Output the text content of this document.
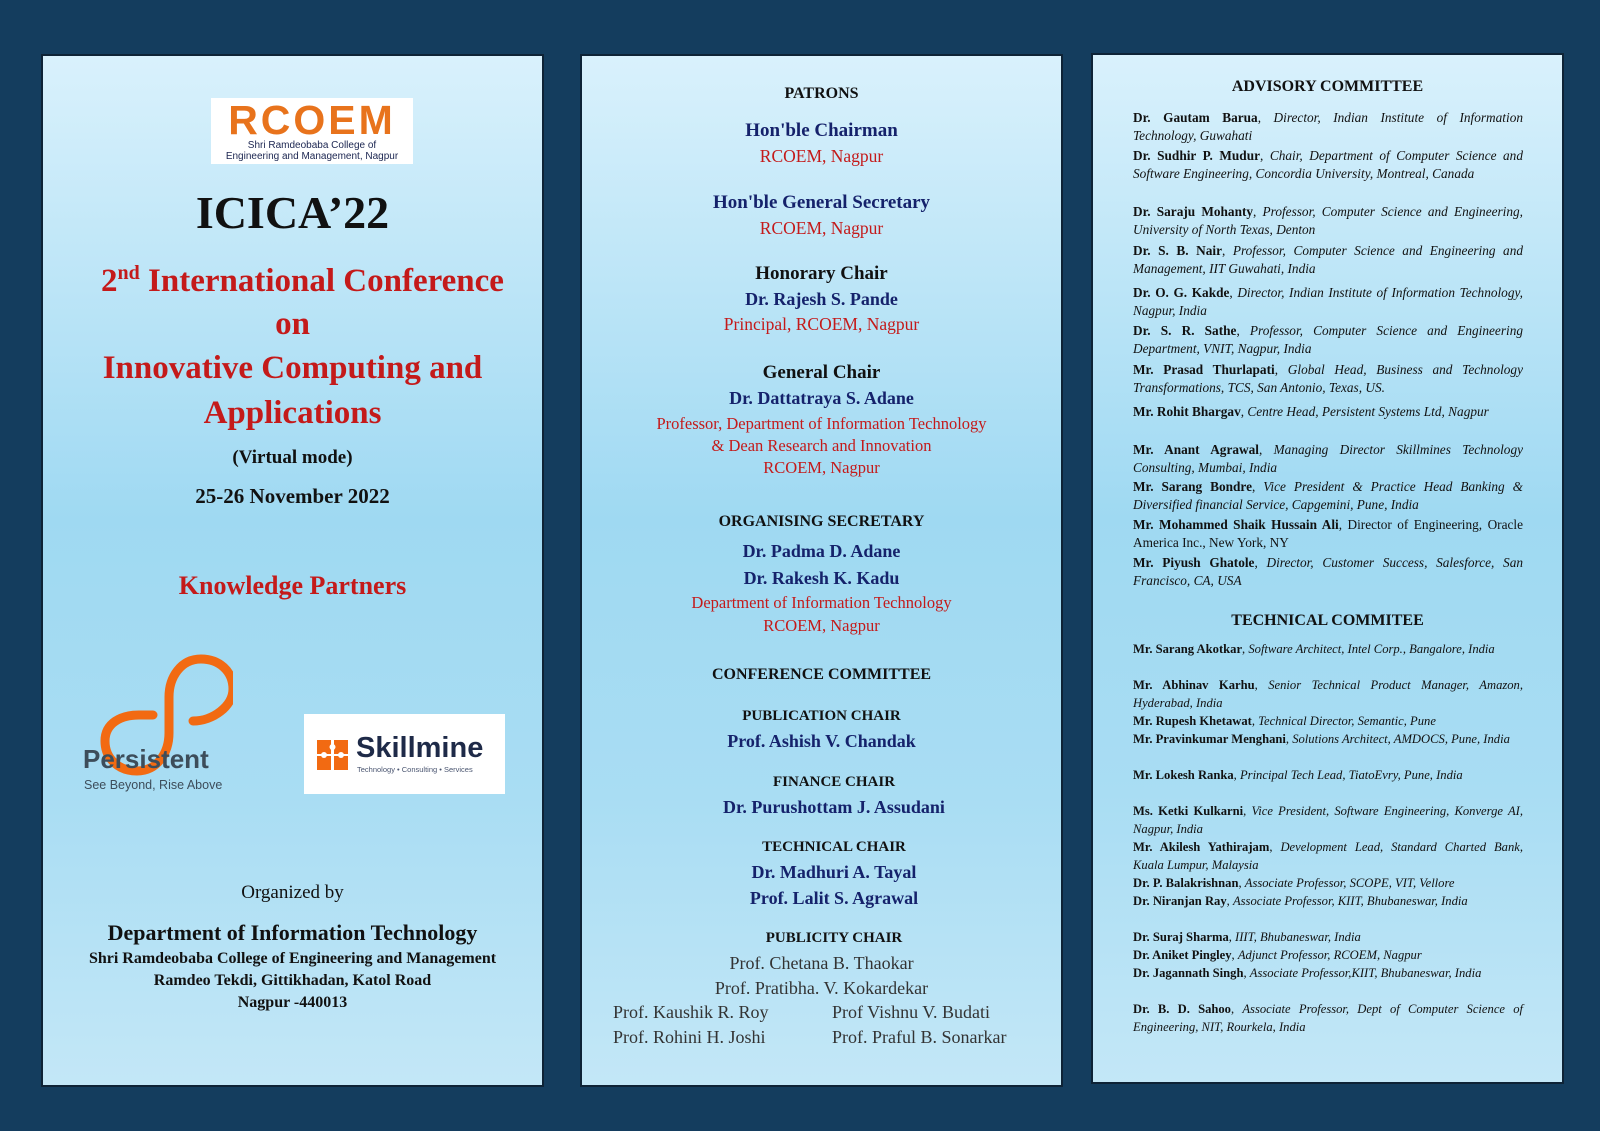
RCOEM
Shri Ramdeobaba College of
Engineering and Management, Nagpur
ICICA’22
2nd International Conference
on
Innovative Computing and
Applications
(Virtual mode)
25-26 November 2022
Knowledge Partners
Persistent
See Beyond, Rise Above
Skillmine
Technology • Consulting • Services
Organized by
Department of Information Technology
Shri Ramdeobaba College of Engineering and Management
Ramdeo Tekdi, Gittikhadan, Katol Road
Nagpur -440013
PATRONS
Hon'ble Chairman
RCOEM, Nagpur
Hon'ble General Secretary
RCOEM, Nagpur
Honorary Chair
Dr. Rajesh S. Pande
Principal, RCOEM, Nagpur
General Chair
Dr. Dattatraya S. Adane
Professor, Department of Information Technology
& Dean Research and Innovation
RCOEM, Nagpur
ORGANISING SECRETARY
Dr. Padma D. Adane
Dr. Rakesh K. Kadu
Department of Information Technology
RCOEM, Nagpur
CONFERENCE COMMITTEE
PUBLICATION CHAIR
Prof. Ashish V. Chandak
FINANCE CHAIR
Dr. Purushottam J. Assudani
TECHNICAL CHAIR
Dr. Madhuri A. Tayal
Prof. Lalit S. Agrawal
PUBLICITY CHAIR
Prof. Chetana B. Thaokar
Prof. Pratibha. V. Kokardekar
Prof. Kaushik R. Roy	Prof Vishnu V. Budati
Prof. Rohini H. Joshi	Prof. Praful B. Sonarkar
ADVISORY COMMITTEE
Dr. Gautam Barua, Director, Indian Institute of Information Technology, Guwahati
Dr. Sudhir P. Mudur, Chair, Department of Computer Science and Software Engineering, Concordia University, Montreal, Canada
Dr. Saraju Mohanty, Professor, Computer Science and Engineering, University of North Texas, Denton
Dr. S. B. Nair, Professor, Computer Science and Engineering and Management, IIT Guwahati, India
Dr. O. G. Kakde, Director, Indian Institute of Information Technology, Nagpur, India
Dr. S. R. Sathe, Professor, Computer Science and Engineering Department, VNIT, Nagpur, India
Mr. Prasad Thurlapati, Global Head, Business and Technology Transformations, TCS, San Antonio, Texas, US.
Mr. Rohit Bhargav, Centre Head, Persistent Systems Ltd, Nagpur
Mr. Anant Agrawal, Managing Director Skillmines Technology Consulting, Mumbai, India
Mr. Sarang Bondre, Vice President & Practice Head Banking & Diversified financial Service, Capgemini, Pune, India
Mr. Mohammed Shaik Hussain Ali, Director of Engineering, Oracle America Inc., New York, NY
Mr. Piyush Ghatole, Director, Customer Success, Salesforce, San Francisco, CA, USA
TECHNICAL COMMITEE
Mr. Sarang Akotkar, Software Architect, Intel Corp., Bangalore, India
Mr. Abhinav Karhu, Senior Technical Product Manager, Amazon, Hyderabad, India
Mr. Rupesh Khetawat, Technical Director, Semantic, Pune
Mr. Pravinkumar Menghani, Solutions Architect, AMDOCS, Pune, India
Mr. Lokesh Ranka, Principal Tech Lead, TiatoEvry, Pune, India
Ms. Ketki Kulkarni, Vice President, Software Engineering, Konverge AI, Nagpur, India
Mr. Akilesh Yathirajam, Development Lead, Standard Charted Bank, Kuala Lumpur, Malaysia
Dr. P. Balakrishnan, Associate Professor, SCOPE, VIT, Vellore
Dr. Niranjan Ray, Associate Professor, KIIT, Bhubaneswar, India
Dr. Suraj Sharma, IIIT, Bhubaneswar, India
Dr. Aniket Pingley, Adjunct Professor, RCOEM, Nagpur
Dr. Jagannath Singh, Associate Professor,KIIT, Bhubaneswar, India
Dr. B. D. Sahoo, Associate Professor, Dept of Computer Science of Engineering, NIT, Rourkela, India
